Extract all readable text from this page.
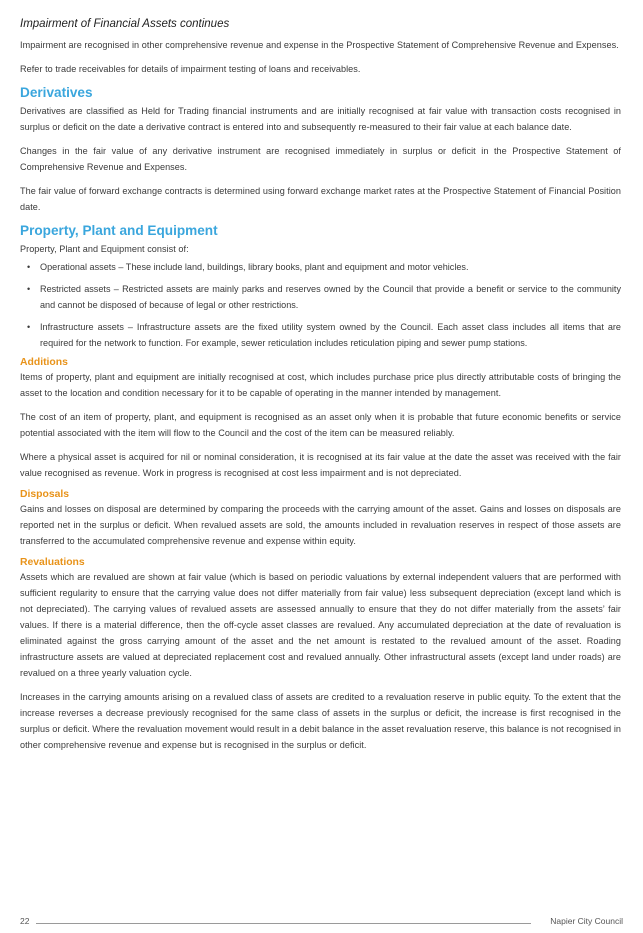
Impairment of Financial Assets continues

Impairment are recognised in other comprehensive revenue and expense in the Prospective Statement of Comprehensive Revenue and Expenses.

Refer to trade receivables for details of impairment testing of loans and receivables.

Derivatives

Derivatives are classified as Held for Trading financial instruments and are initially recognised at fair value with transaction costs recognised in surplus or deficit on the date a derivative contract is entered into and subsequently re-measured to their fair value at each balance date.

Changes in the fair value of any derivative instrument are recognised immediately in surplus or deficit in the Prospective Statement of Comprehensive Revenue and Expenses.

The fair value of forward exchange contracts is determined using forward exchange market rates at the Prospective Statement of Financial Position date.

Property, Plant and Equipment

Property, Plant and Equipment consist of:

• Operational assets – These include land, buildings, library books, plant and equipment and motor vehicles.
• Restricted assets – Restricted assets are mainly parks and reserves owned by the Council that provide a benefit or service to the community and cannot be disposed of because of legal or other restrictions.
• Infrastructure assets – Infrastructure assets are the fixed utility system owned by the Council. Each asset class includes all items that are required for the network to function. For example, sewer reticulation includes reticulation piping and sewer pump stations.
Additions

Items of property, plant and equipment are initially recognised at cost, which includes purchase price plus directly attributable costs of bringing the asset to the location and condition necessary for it to be capable of operating in the manner intended by management.

The cost of an item of property, plant, and equipment is recognised as an asset only when it is probable that future economic benefits or service potential associated with the item will flow to the Council and the cost of the item can be measured reliably.

Where a physical asset is acquired for nil or nominal consideration, it is recognised at its fair value at the date the asset was received with the fair value recognised as revenue. Work in progress is recognised at cost less impairment and is not depreciated.

Disposals

Gains and losses on disposal are determined by comparing the proceeds with the carrying amount of the asset. Gains and losses on disposals are reported net in the surplus or deficit. When revalued assets are sold, the amounts included in revaluation reserves in respect of those assets are transferred to the accumulated comprehensive revenue and expense within equity.

Revaluations

Assets which are revalued are shown at fair value (which is based on periodic valuations by external independent valuers that are performed with sufficient regularity to ensure that the carrying value does not differ materially from fair value) less subsequent depreciation (except land which is not depreciated). The carrying values of revalued assets are assessed annually to ensure that they do not differ materially from the assets’ fair values. If there is a material difference, then the off-cycle asset classes are revalued. Any accumulated depreciation at the date of revaluation is eliminated against the gross carrying amount of the asset and the net amount is restated to the revalued amount of the asset. Roading infrastructure assets are valued at depreciated replacement cost and revalued annually. Other infrastructural assets (except land under roads) are revalued on a three yearly valuation cycle.

Increases in the carrying amounts arising on a revalued class of assets are credited to a revaluation reserve in public equity. To the extent that the increase reverses a decrease previously recognised for the same class of assets in the surplus or deficit, the increase is first recognised in the surplus or deficit. Where the revaluation movement would result in a debit balance in the asset revaluation reserve, this balance is not recognised in other comprehensive revenue and expense but is recognised in the surplus or deficit.

22	Napier City Council
